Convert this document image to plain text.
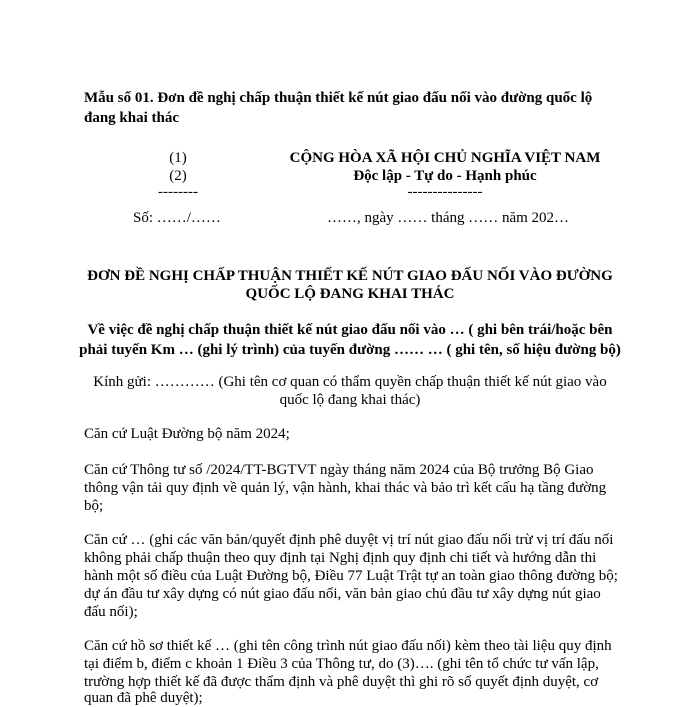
Mẫu số 01. Đơn đề nghị chấp thuận thiết kế nút giao đấu nối vào đường quốc lộ
đang khai thác
(1)
(2)
--------
CỘNG HÒA XÃ HỘI CHỦ NGHĨA VIỆT NAM
Độc lập - Tự do - Hạnh phúc
---------------
Số: ……/……	……, ngày …… tháng …… năm 202…
ĐƠN ĐỀ NGHỊ CHẤP THUẬN THIẾT KẾ NÚT GIAO ĐẤU NỐI VÀO ĐƯỜNG
QUỐC LỘ ĐANG KHAI THÁC
Về việc đề nghị chấp thuận thiết kế nút giao đấu nối vào … ( ghi bên trái/hoặc bên
phải tuyến Km … (ghi lý trình) của tuyến đường …… … ( ghi tên, số hiệu đường bộ)
Kính gửi: ………… (Ghi tên cơ quan có thẩm quyền chấp thuận thiết kế nút giao vào
quốc lộ đang khai thác)
Căn cứ Luật Đường bộ năm 2024;
Căn cứ Thông tư số /2024/TT-BGTVT ngày tháng năm 2024 của Bộ trưởng Bộ Giao
thông vận tải quy định về quản lý, vận hành, khai thác và bảo trì kết cấu hạ tầng đường
bộ;
Căn cứ … (ghi các văn bản/quyết định phê duyệt vị trí nút giao đấu nối trừ vị trí đấu nối
không phải chấp thuận theo quy định tại Nghị định quy định chi tiết và hướng dẫn thi
hành một số điều của Luật Đường bộ, Điều 77 Luật Trật tự an toàn giao thông đường bộ;
dự án đầu tư xây dựng có nút giao đấu nối, văn bản giao chủ đầu tư xây dựng nút giao
đấu nối);
Căn cứ hồ sơ thiết kế … (ghi tên công trình nút giao đấu nối) kèm theo tài liệu quy định
tại điểm b, điểm c khoản 1 Điều 3 của Thông tư, do (3)…. (ghi tên tổ chức tư vấn lập,
trường hợp thiết kế đã được thẩm định và phê duyệt thì ghi rõ số quyết định duyệt, cơ
quan đã phê duyệt);
